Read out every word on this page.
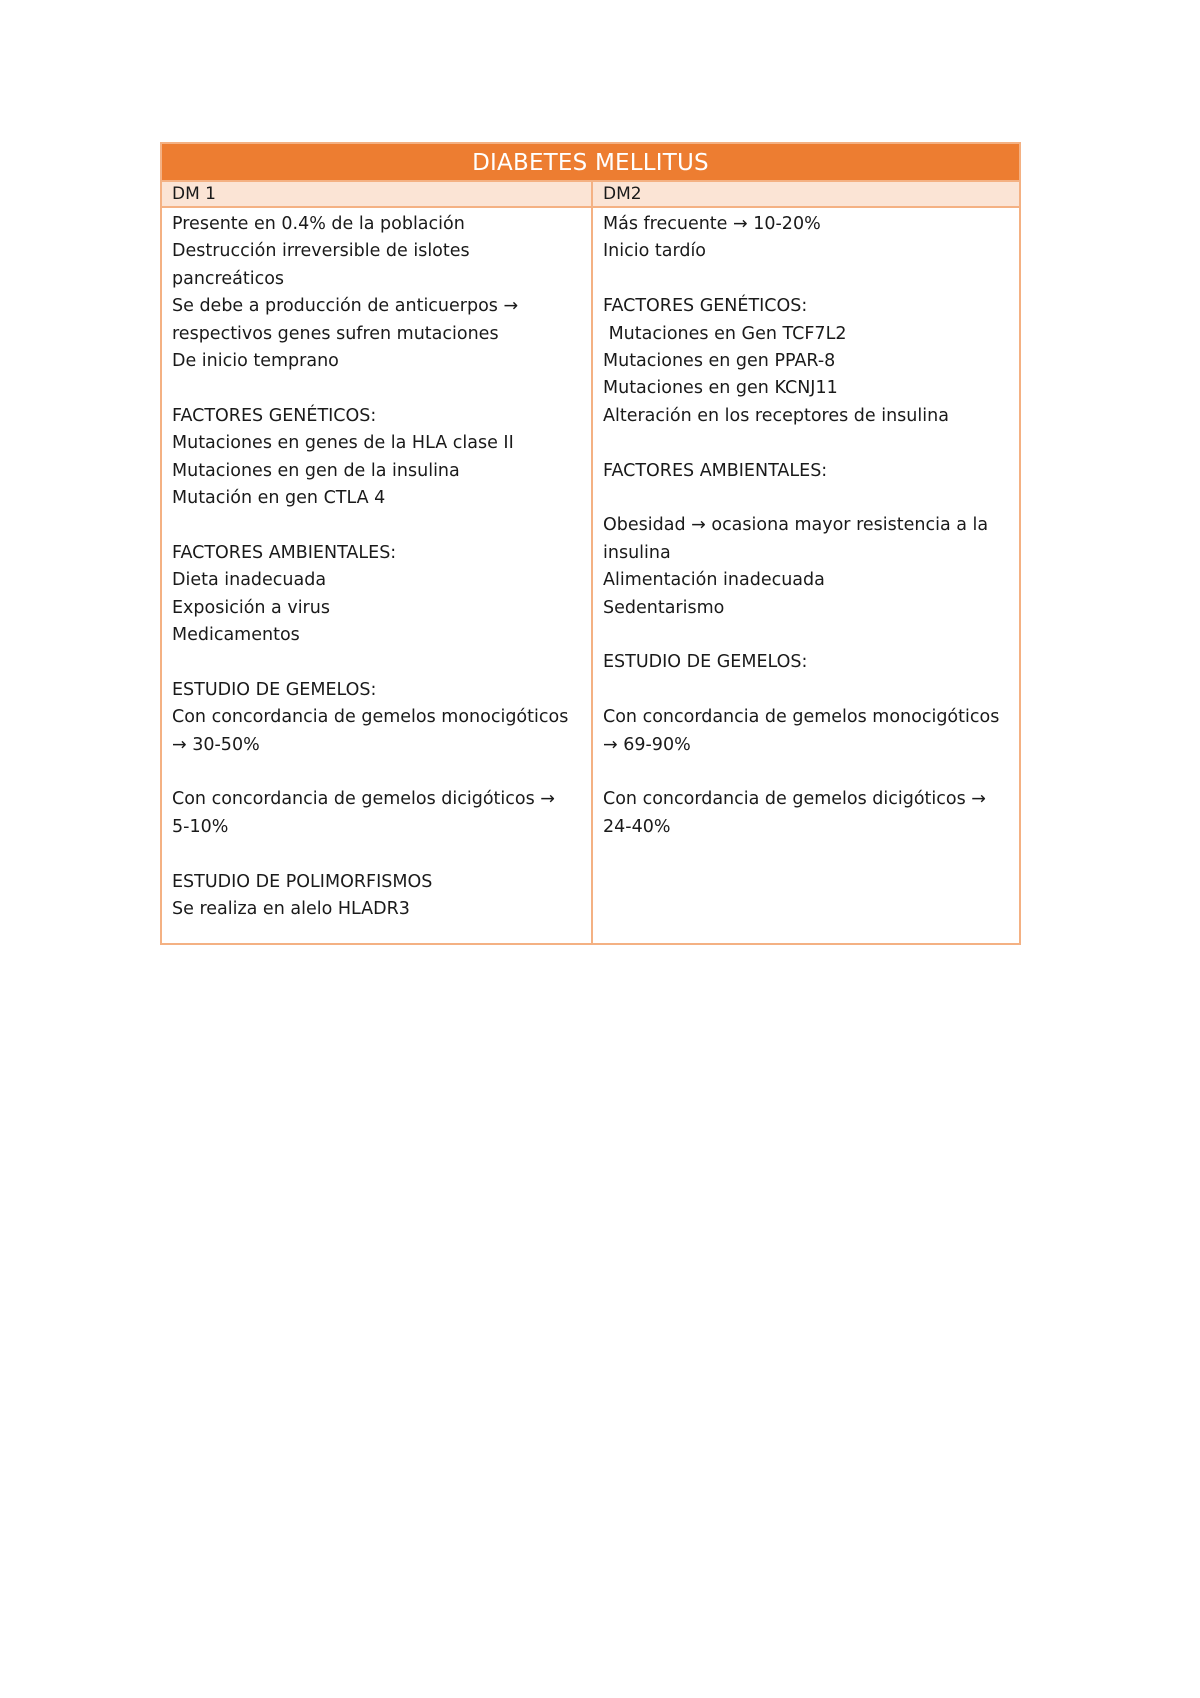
DIABETES MELLITUS
DM 1	DM2
Presente en 0.4% de la población
Destrucción irreversible de islotes
pancreáticos
Se debe a producción de anticuerpos →
respectivos genes sufren mutaciones
De inicio temprano
FACTORES GENÉTICOS:
Mutaciones en genes de la HLA clase II
Mutaciones en gen de la insulina
Mutación en gen CTLA 4
FACTORES AMBIENTALES:
Dieta inadecuada
Exposición a virus
Medicamentos
ESTUDIO DE GEMELOS:
Con concordancia de gemelos monocigóticos
→ 30-50%
Con concordancia de gemelos dicigóticos →
5-10%
ESTUDIO DE POLIMORFISMOS
Se realiza en alelo HLADR3
Más frecuente → 10-20%
Inicio tardío
FACTORES GENÉTICOS:
Mutaciones en Gen TCF7L2
Mutaciones en gen PPAR-8
Mutaciones en gen KCNJ11
Alteración en los receptores de insulina
FACTORES AMBIENTALES:
Obesidad → ocasiona mayor resistencia a la
insulina
Alimentación inadecuada
Sedentarismo
ESTUDIO DE GEMELOS:
Con concordancia de gemelos monocigóticos
→ 69-90%
Con concordancia de gemelos dicigóticos →
24-40%
